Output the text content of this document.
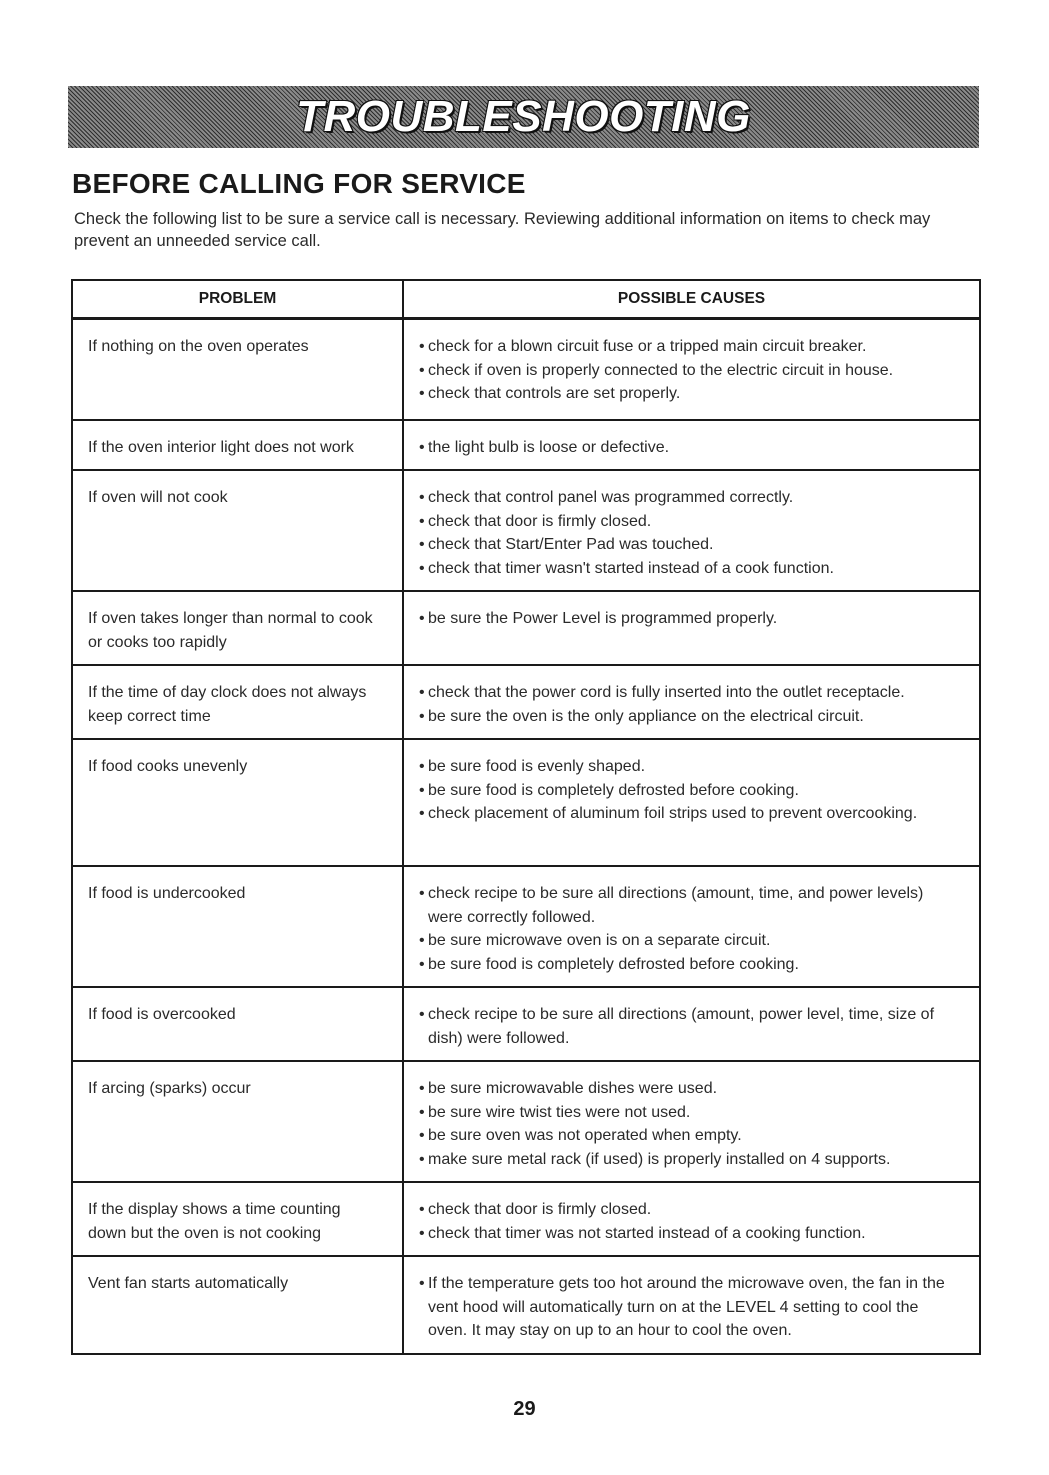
TROUBLESHOOTING
BEFORE CALLING FOR SERVICE

Check the following list to be sure a service call is necessary. Reviewing additional information on items to check may prevent an unneeded service call.

PROBLEM	POSSIBLE CAUSES

If nothing on the oven operates	• check for a blown circuit fuse or a tripped main circuit breaker.
• check if oven is properly connected to the electric circuit in house.
• check that controls are set properly.

If the oven interior light does not work	• the light bulb is loose or defective.

If oven will not cook	• check that control panel was programmed correctly.
• check that door is firmly closed.
• check that Start/Enter Pad was touched.
• check that timer wasn't started instead of a cook function.

If oven takes longer than normal to cook
or cooks too rapidly	• be sure the Power Level is programmed properly.

If the time of day clock does not always
keep correct time	• check that the power cord is fully inserted into the outlet receptacle.
• be sure the oven is the only appliance on the electrical circuit.

If food cooks unevenly	• be sure food is evenly shaped.
• be sure food is completely defrosted before cooking.
• check placement of aluminum foil strips used to prevent overcooking.

If food is undercooked	• check recipe to be sure all directions (amount, time, and power levels)
were correctly followed.
• be sure microwave oven is on a separate circuit.
• be sure food is completely defrosted before cooking.

If food is overcooked	• check recipe to be sure all directions (amount, power level, time, size of
dish) were followed.

If arcing (sparks) occur	• be sure microwavable dishes were used.
• be sure wire twist ties were not used.
• be sure oven was not operated when empty.
• make sure metal rack (if used) is properly installed on 4 supports.

If the display shows a time counting
down but the oven is not cooking	• check that door is firmly closed.
• check that timer was not started instead of a cooking function.

Vent fan starts automatically	• If the temperature gets too hot around the microwave oven, the fan in the
vent hood will automatically turn on at the LEVEL 4 setting to cool the
oven. It may stay on up to an hour to cool the oven.
29
